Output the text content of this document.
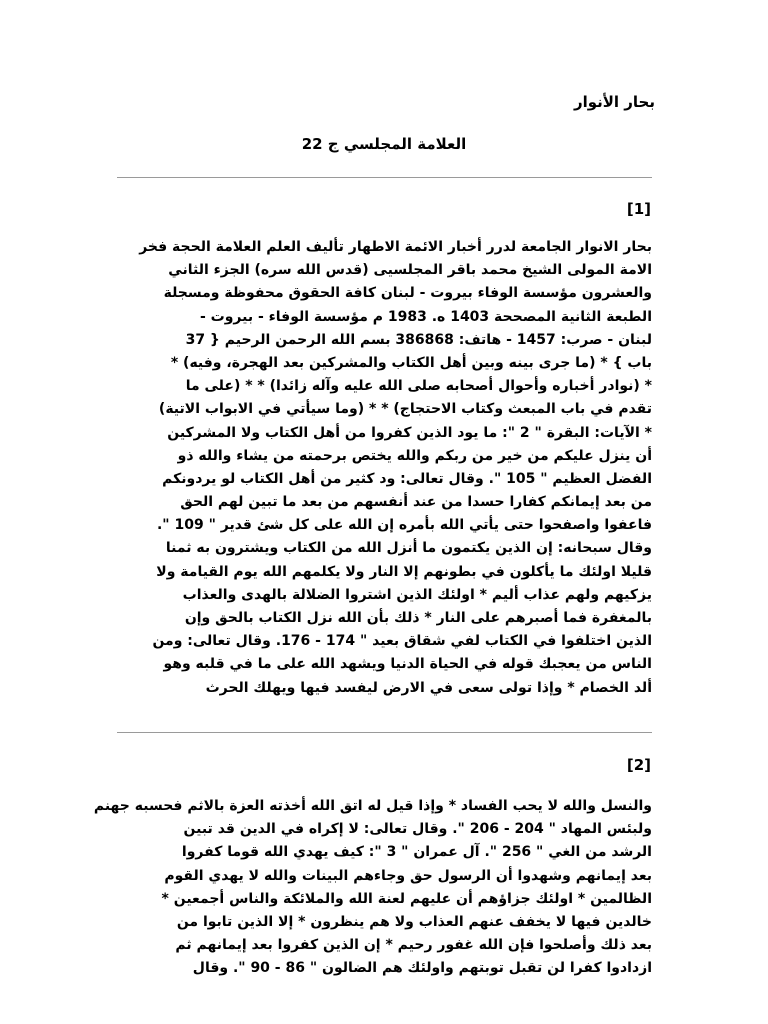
بحار الأنوار
العلامة المجلسي ج 22
[1]
بحار الانوار الجامعة لدرر أخبار الائمة الاطهار تأليف العلم العلامة الحجة فخر
الامة المولى الشيخ محمد باقر المجلسيى (قدس الله سره) الجزء الثاني
والعشرون مؤسسة الوفاء بيروت - لبنان كافة الحقوق محفوظة ومسجلة
الطبعة الثانية المصححة 1403 ه. 1983 م مؤسسة الوفاء - بيروت -
لبنان - صرب: 1457 - هاتف: 386868 بسم الله الرحمن الرحيم { 37
باب } * (ما جرى بينه وبين أهل الكتاب والمشركين بعد الهجرة، وفيه) *
* (نوادر أخباره وأحوال أصحابه صلى الله عليه وآله زائدا) * * (على ما
تقدم في باب المبعث وكتاب الاحتجاج) * * (وما سيأتي في الابواب الاتية)
* الآيات: البقرة " 2 ": ما يود الذين كفروا من أهل الكتاب ولا المشركين
أن ينزل عليكم من خير من ربكم والله يختص برحمته من يشاء والله ذو
الفضل العظيم " 105 ". وقال تعالى: ود كثير من أهل الكتاب لو يردونكم
من بعد إيمانكم كفارا حسدا من عند أنفسهم من بعد ما تبين لهم الحق
فاعفوا واصفحوا حتى يأتي الله بأمره إن الله على كل شئ قدير " 109 ".
وقال سبحانه: إن الذين يكتمون ما أنزل الله من الكتاب ويشترون به ثمنا
قليلا اولئك ما يأكلون في بطونهم إلا النار ولا يكلمهم الله يوم القيامة ولا
يزكيهم ولهم عذاب أليم * اولئك الذين اشتروا الضلالة بالهدى والعذاب
بالمغفرة فما أصبرهم على النار * ذلك بأن الله نزل الكتاب بالحق وإن
الذين اختلفوا في الكتاب لفي شقاق بعيد " 174 - 176. وقال تعالى: ومن
الناس من يعجبك قوله في الحياة الدنيا ويشهد الله على ما في قلبه وهو
ألد الخصام * وإذا تولى سعى في الارض ليفسد فيها ويهلك الحرث
[2]
والنسل والله لا يحب الفساد * وإذا قيل له اتق الله أخذته العزة بالاثم فحسبه جهنم
ولبئس المهاد " 204 - 206 ". وقال تعالى: لا إكراه في الدين قد تبين
الرشد من الغي " 256 ". آل عمران " 3 ": كيف يهدي الله قوما كفروا
بعد إيمانهم وشهدوا أن الرسول حق وجاءهم البينات والله لا يهدي القوم
الظالمين * اولئك جزاؤهم أن عليهم لعنة الله والملائكة والناس أجمعين *
خالدين فيها لا يخفف عنهم العذاب ولا هم ينظرون * إلا الذين تابوا من
بعد ذلك وأصلحوا فإن الله غفور رحيم * إن الذين كفروا بعد إيمانهم ثم
ازدادوا كفرا لن تقبل توبتهم واولئك هم الضالون " 86 - 90 ". وقال
